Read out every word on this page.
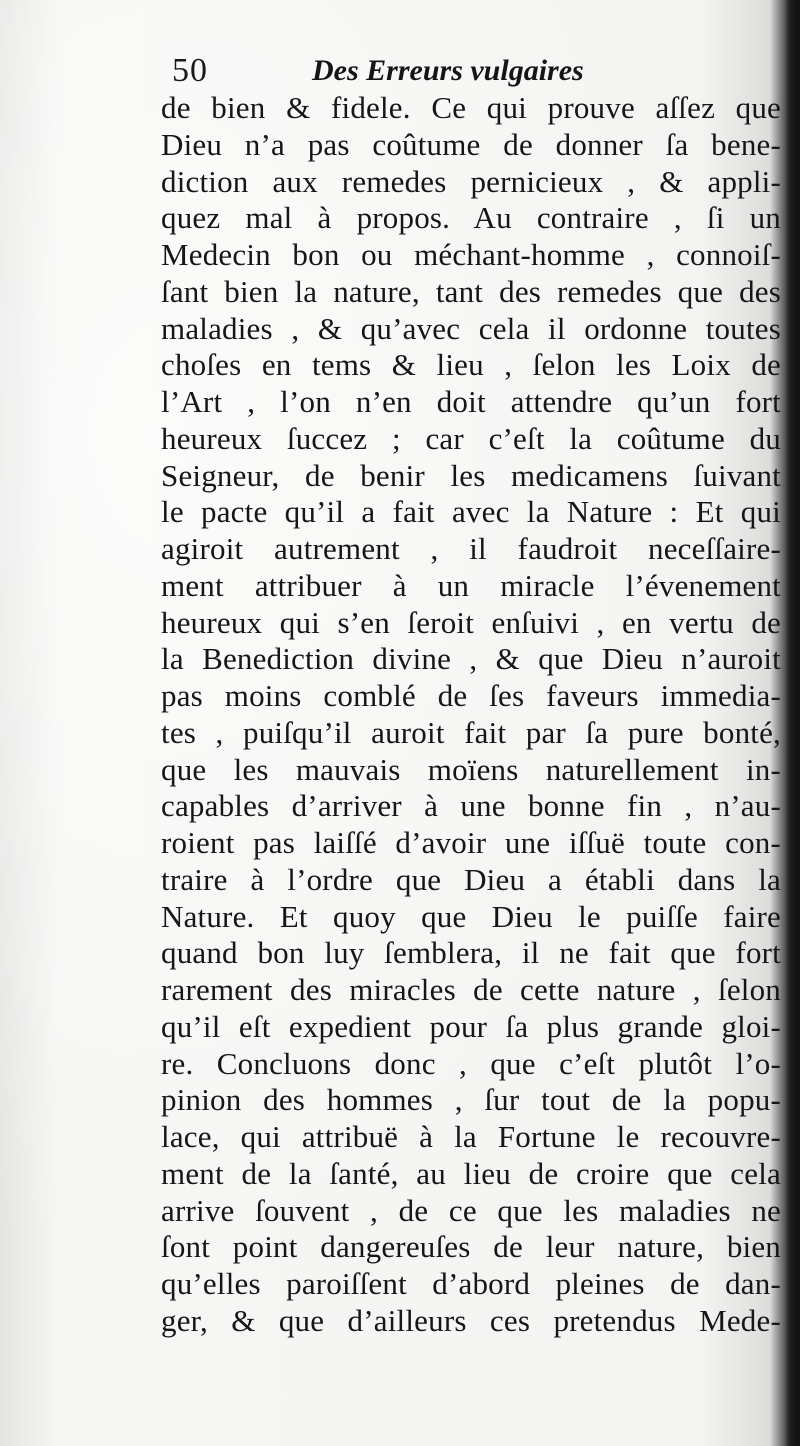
50	Des Erreurs vulgaires
de bien & fidele. Ce qui prouve aſſez que
Dieu n’a pas coûtume de donner ſa bene-
diction aux remedes pernicieux , & appli-
quez mal à propos. Au contraire , ſi un
Medecin bon ou méchant-homme , connoiſ-
ſant bien la nature, tant des remedes que des
maladies , & qu’avec cela il ordonne toutes
choſes en tems & lieu , ſelon les Loix de
l’Art , l’on n’en doit attendre qu’un fort
heureux ſuccez ; car c’eſt la coûtume du
Seigneur, de benir les medicamens ſuivant
le pacte qu’il a fait avec la Nature : Et qui
agiroit autrement , il faudroit neceſſaire-
ment attribuer à un miracle l’évenement
heureux qui s’en ſeroit enſuivi , en vertu de
la Benediction divine , & que Dieu n’auroit
pas moins comblé de ſes faveurs immedia-
tes , puiſqu’il auroit fait par ſa pure bonté,
que les mauvais moïens naturellement in-
capables d’arriver à une bonne fin , n’au-
roient pas laiſſé d’avoir une iſſuë toute con-
traire à l’ordre que Dieu a établi dans la
Nature. Et quoy que Dieu le puiſſe faire
quand bon luy ſemblera, il ne fait que fort
rarement des miracles de cette nature , ſelon
qu’il eſt expedient pour ſa plus grande gloi-
re. Concluons donc , que c’eſt plutôt l’o-
pinion des hommes , ſur tout de la popu-
lace, qui attribuë à la Fortune le recouvre-
ment de la ſanté, au lieu de croire que cela
arrive ſouvent , de ce que les maladies ne
ſont point dangereuſes de leur nature, bien
qu’elles paroiſſent d’abord pleines de dan-
ger, & que d’ailleurs ces pretendus Mede-
